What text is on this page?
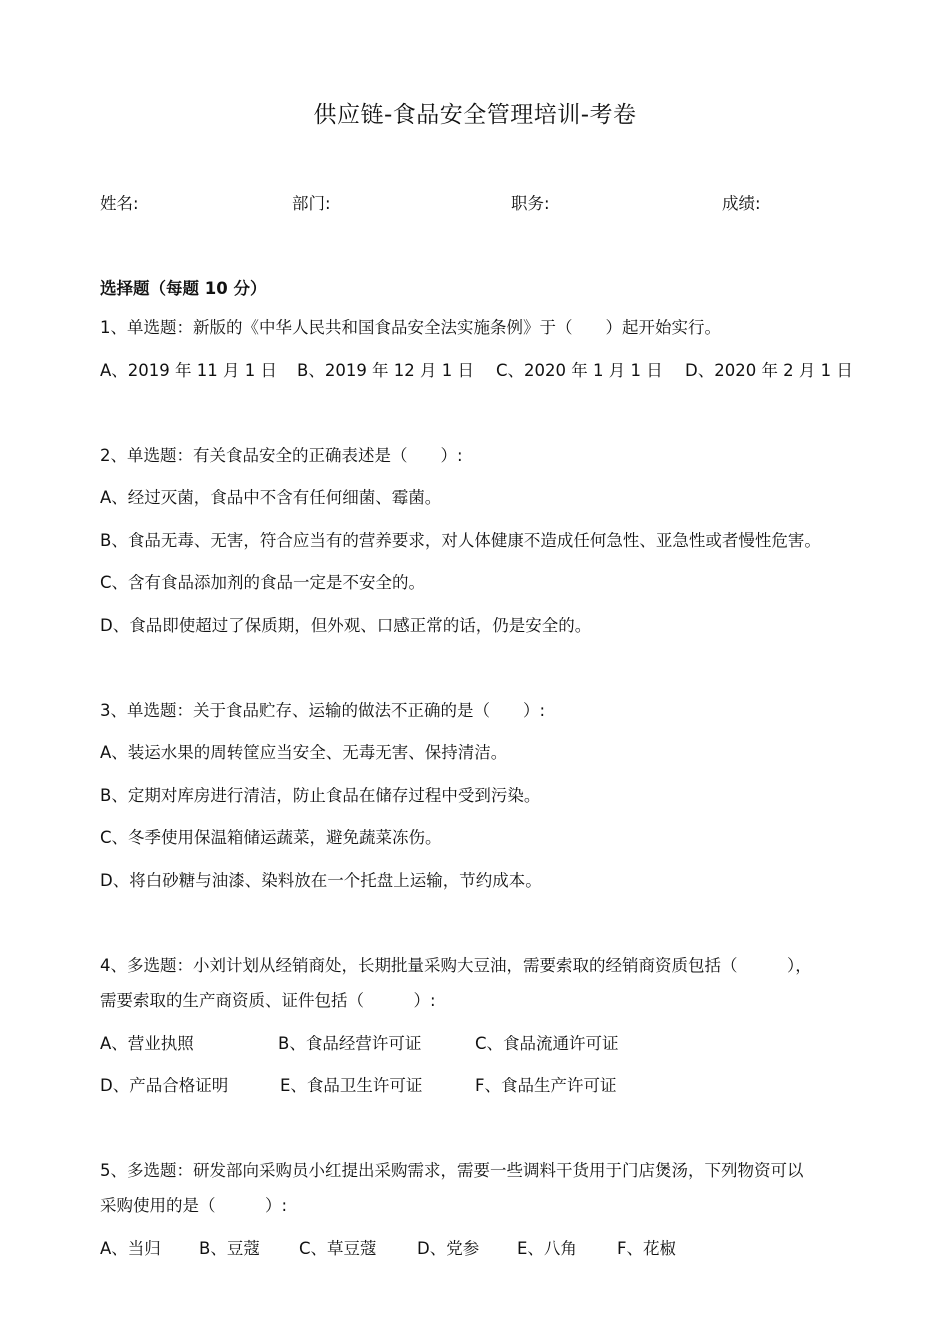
供应链-食品安全管理培训-考卷
姓名:	部门:	职务:	成绩:
选择题（每题 10 分）
1、单选题：新版的《中华人民共和国食品安全法实施条例》于（　　）起开始实行。
A、2019 年 11 月 1 日 B、2019 年 12 月 1 日 C、2020 年 1 月 1 日 D、2020 年 2 月 1 日
2、单选题：有关食品安全的正确表述是（　　）:
A、经过灭菌，食品中不含有任何细菌、霉菌。
B、食品无毒、无害，符合应当有的营养要求，对人体健康不造成任何急性、亚急性或者慢性危害。
C、含有食品添加剂的食品一定是不安全的。
D、食品即使超过了保质期，但外观、口感正常的话，仍是安全的。
3、单选题：关于食品贮存、运输的做法不正确的是（　　）:
A、装运水果的周转筐应当安全、无毒无害、保持清洁。
B、定期对库房进行清洁，防止食品在储存过程中受到污染。
C、冬季使用保温箱储运蔬菜，避免蔬菜冻伤。
D、将白砂糖与油漆、染料放在一个托盘上运输，节约成本。
4、多选题：小刘计划从经销商处，长期批量采购大豆油，需要索取的经销商资质包括（　　　），
需要索取的生产商资质、证件包括（　　　）:
A、营业执照	B、食品经营许可证	C、食品流通许可证
D、产品合格证明	E、食品卫生许可证	F、食品生产许可证
5、多选题：研发部向采购员小红提出采购需求，需要一些调料干货用于门店煲汤，下列物资可以
采购使用的是（　　　）:
A、当归 B、豆蔻 C、草豆蔻 D、党参 E、八角 F、花椒
